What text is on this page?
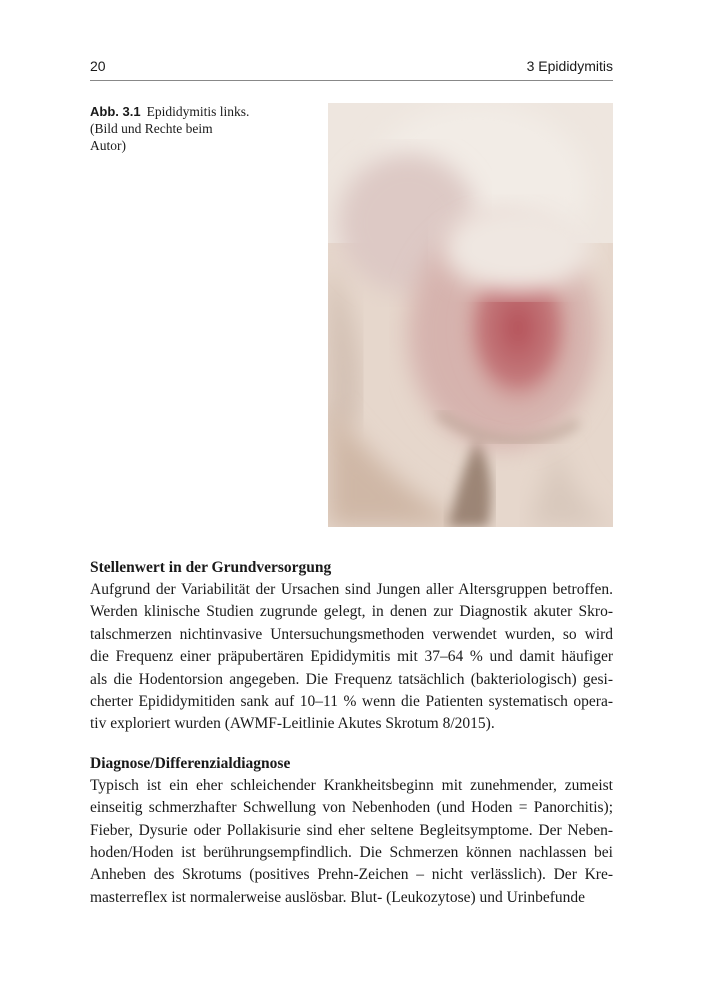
20	3 Epididymitis
Abb. 3.1 Epididymitis links. (Bild und Rechte beim Autor)
Stellenwert in der Grundversorgung

Aufgrund der Variabilität der Ursachen sind Jungen aller Altersgruppen betroffen.
Werden klinische Studien zugrunde gelegt, in denen zur Diagnostik akuter Skro-
talschmerzen nichtinvasive Untersuchungsmethoden verwendet wurden, so wird
die Frequenz einer präpubertären Epididymitis mit 37–64 % und damit häufiger
als die Hodentorsion angegeben. Die Frequenz tatsächlich (bakteriologisch) gesi-
cherter Epididymitiden sank auf 10–11 % wenn die Patienten systematisch opera-
tiv exploriert wurden (AWMF-Leitlinie Akutes Skrotum 8/2015).

Diagnose/Differenzialdiagnose

Typisch ist ein eher schleichender Krankheitsbeginn mit zunehmender, zumeist
einseitig schmerzhafter Schwellung von Nebenhoden (und Hoden = Panorchitis);
Fieber, Dysurie oder Pollakisurie sind eher seltene Begleitsymptome. Der Neben-
hoden/Hoden ist berührungsempfindlich. Die Schmerzen können nachlassen bei
Anheben des Skrotums (positives Prehn-Zeichen – nicht verlässlich). Der Kre-
masterreflex ist normalerweise auslösbar. Blut- (Leukozytose) und Urinbefunde
